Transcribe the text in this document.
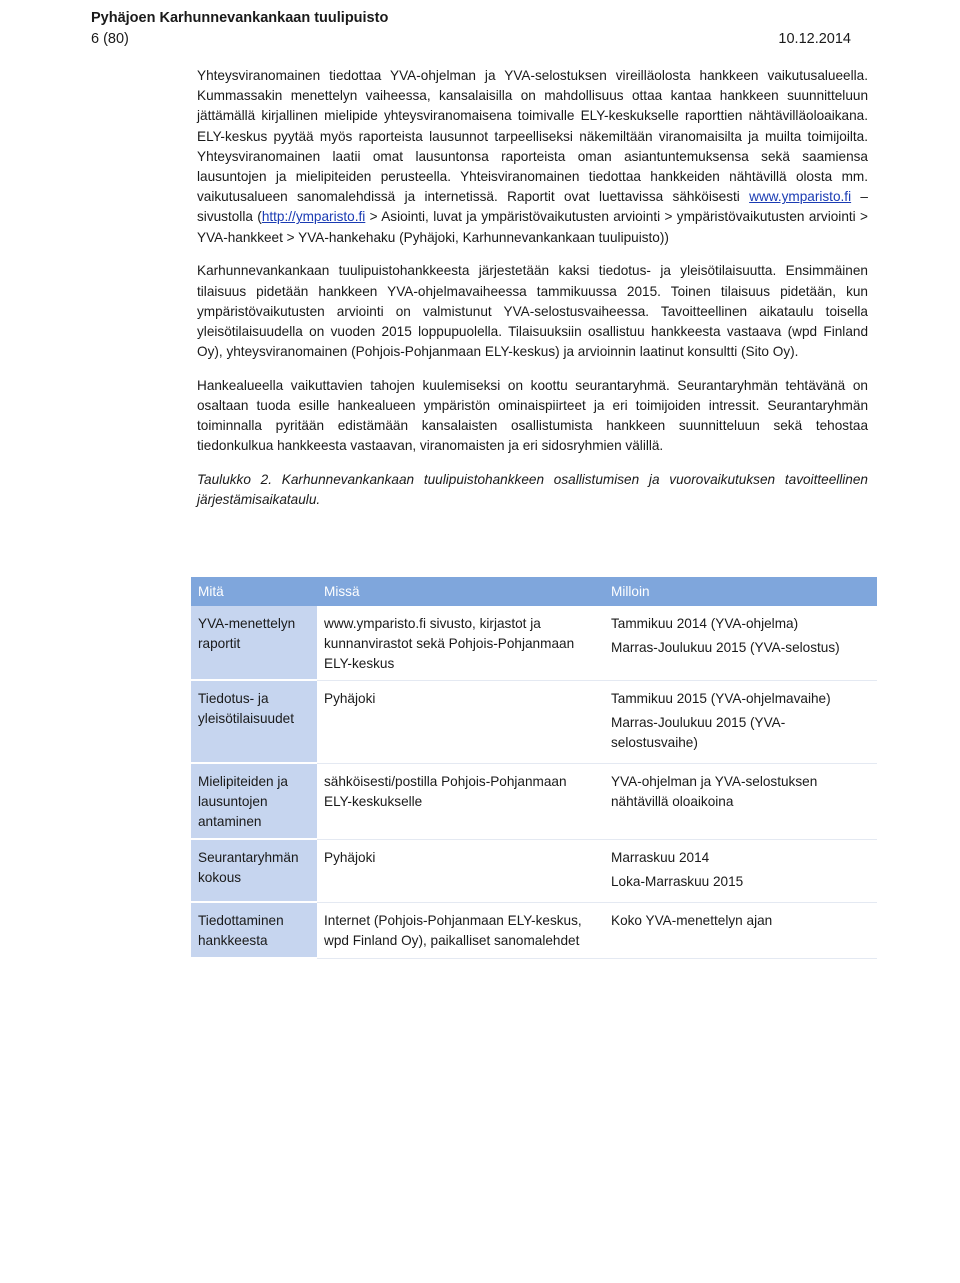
Pyhäjoen Karhunnevankankaan tuulipuisto
6 (80)	10.12.2014

Yhteysviranomainen tiedottaa YVA-ohjelman ja YVA-selostuksen vireilläolosta hankkeen vaikutusalueella. Kummassakin menettelyn vaiheessa, kansalaisilla on mahdollisuus ottaa kantaa hankkeen suunnitteluun jättämällä kirjallinen mielipide yhteysviranomaisena toimivalle ELY-keskukselle raporttien nähtävilläoloaikana. ELY-keskus pyytää myös raporteista lausunnot tarpeelliseksi näkemiltään viranomaisilta ja muilta toimijoilta. Yhteysviranomainen laatii omat lausuntonsa raporteista oman asiantuntemuksensa sekä saamiensa lausuntojen ja mielipiteiden perusteella. Yhteisviranomainen tiedottaa hankkeiden nähtävillä olosta mm. vaikutusalueen sanomalehdissä ja internetissä. Raportit ovat luettavissa sähköisesti www.ymparisto.fi –sivustolla (http://ymparisto.fi > Asiointi, luvat ja ympäristövaikutusten arviointi > ympäristövaikutusten arviointi > YVA-hankkeet > YVA-hankehaku (Pyhäjoki, Karhunnevankankaan tuulipuisto))

Karhunnevankankaan tuulipuistohankkeesta järjestetään kaksi tiedotus- ja yleisötilaisuutta. Ensimmäinen tilaisuus pidetään hankkeen YVA-ohjelmavaiheessa tammikuussa 2015. Toinen tilaisuus pidetään, kun ympäristövaikutusten arviointi on valmistunut YVA-selostusvaiheessa. Tavoitteellinen aikataulu toisella yleisötilaisuudella on vuoden 2015 loppupuolella. Tilaisuuksiin osallistuu hankkeesta vastaava (wpd Finland Oy), yhteysviranomainen (Pohjois-Pohjanmaan ELY-keskus) ja arvioinnin laatinut konsultti (Sito Oy).

Hankealueella vaikuttavien tahojen kuulemiseksi on koottu seurantaryhmä. Seurantaryhmän tehtävänä on osaltaan tuoda esille hankealueen ympäristön ominaispiirteet ja eri toimijoiden intressit. Seurantaryhmän toiminnalla pyritään edistämään kansalaisten osallistumista hankkeen suunnitteluun sekä tehostaa tiedonkulkua hankkeesta vastaavan, viranomaisten ja eri sidosryhmien välillä.

Taulukko 2. Karhunnevankankaan tuulipuistohankkeen osallistumisen ja vuorovaikutuksen tavoitteellinen järjestämisaikataulu.

Mitä	Missä	Milloin
YVA-menettelyn raportit	www.ymparisto.fi sivusto, kirjastot ja kunnanvirastot sekä Pohjois-Pohjanmaan ELY-keskus	Tammikuu 2014 (YVA-ohjelma)
Marras-Joulukuu 2015 (YVA-selostus)

Tiedotus- ja yleisötilaisuudet	Pyhäjoki	Tammikuu 2015 (YVA-ohjelmavaihe)
Marras-Joulukuu 2015 (YVA-selostusvaihe)

Mielipiteiden ja lausuntojen antaminen	sähköisesti/postilla Pohjois-Pohjanmaan ELY-keskukselle	YVA-ohjelman ja YVA-selostuksen nähtävillä oloaikoina

Seurantaryhmän kokous	Pyhäjoki	Marraskuu 2014
Loka-Marraskuu 2015

Tiedottaminen hankkeesta	Internet (Pohjois-Pohjanmaan ELY-keskus, wpd Finland Oy), paikalliset sanomalehdet	Koko YVA-menettelyn ajan
